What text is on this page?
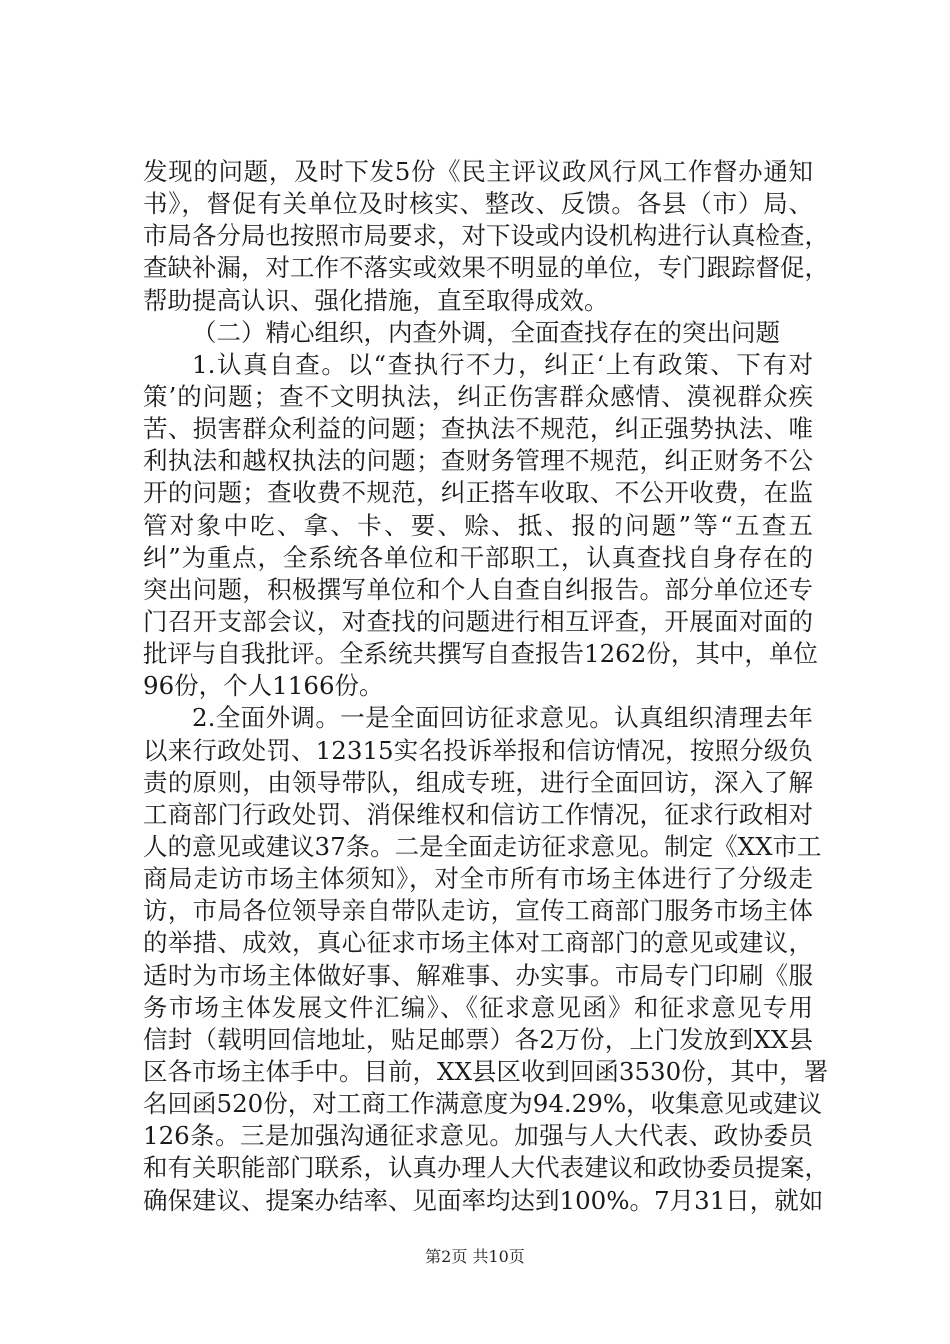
发现的问题，及时下发5份《民主评议政风行风工作督办通知
书》，督促有关单位及时核实、整改、反馈。各县（市）局、
市局各分局也按照市局要求，对下设或内设机构进行认真检查，
查缺补漏，对工作不落实或效果不明显的单位，专门跟踪督促，
帮助提高认识、强化措施，直至取得成效。
（二）精心组织，内查外调，全面查找存在的突出问题
1.认真自查。以“查执行不力，纠正‘上有政策、下有对
策’的问题；查不文明执法，纠正伤害群众感情、漠视群众疾
苦、损害群众利益的问题；查执法不规范，纠正强势执法、唯
利执法和越权执法的问题；查财务管理不规范，纠正财务不公
开的问题；查收费不规范，纠正搭车收取、不公开收费，在监
管对象中吃、拿、卡、要、赊、抵、报的问题”等“五查五
纠”为重点，全系统各单位和干部职工，认真查找自身存在的
突出问题，积极撰写单位和个人自查自纠报告。部分单位还专
门召开支部会议，对查找的问题进行相互评查，开展面对面的
批评与自我批评。全系统共撰写自查报告1262份，其中，单位
96份，个人1166份。
2.全面外调。一是全面回访征求意见。认真组织清理去年
以来行政处罚、12315实名投诉举报和信访情况，按照分级负
责的原则，由领导带队，组成专班，进行全面回访，深入了解
工商部门行政处罚、消保维权和信访工作情况，征求行政相对
人的意见或建议37条。二是全面走访征求意见。制定《XX市工
商局走访市场主体须知》，对全市所有市场主体进行了分级走
访，市局各位领导亲自带队走访，宣传工商部门服务市场主体
的举措、成效，真心征求市场主体对工商部门的意见或建议，
适时为市场主体做好事、解难事、办实事。市局专门印刷《服
务市场主体发展文件汇编》、《征求意见函》和征求意见专用
信封（载明回信地址，贴足邮票）各2万份，上门发放到XX县
区各市场主体手中。目前，XX县区收到回函3530份，其中，署
名回函520份，对工商工作满意度为94.29%，收集意见或建议
126条。三是加强沟通征求意见。加强与人大代表、政协委员
和有关职能部门联系，认真办理人大代表建议和政协委员提案，
确保建议、提案办结率、见面率均达到100%。7月31日，就如
第2页 共10页
